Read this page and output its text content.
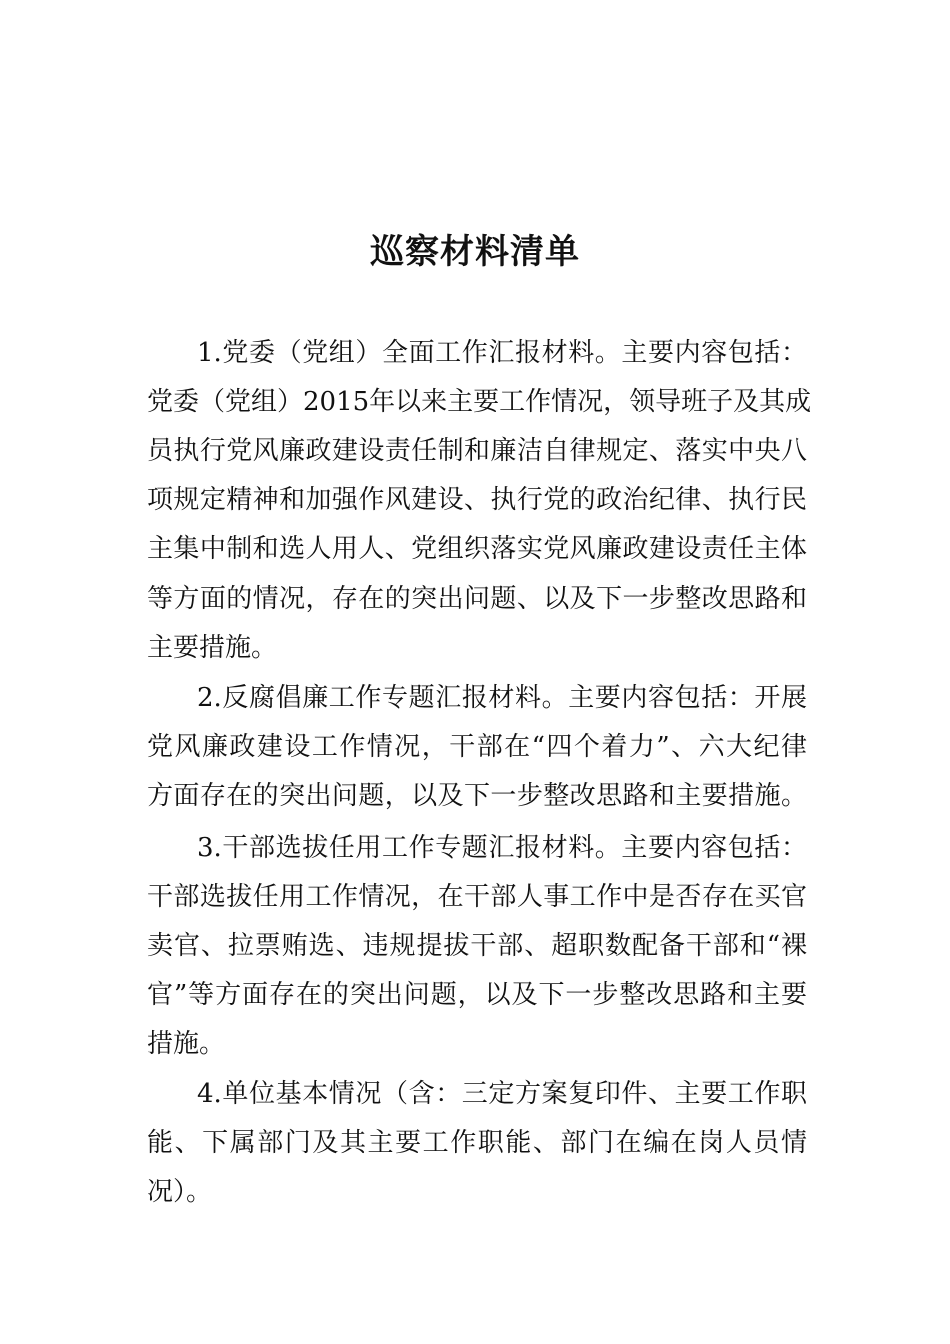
巡察材料清单
1.党委（党组）全面工作汇报材料。主要内容包括：
党委（党组）2015年以来主要工作情况，领导班子及其成
员执行党风廉政建设责任制和廉洁自律规定、落实中央八
项规定精神和加强作风建设、执行党的政治纪律、执行民
主集中制和选人用人、党组织落实党风廉政建设责任主体
等方面的情况，存在的突出问题、以及下一步整改思路和
主要措施。
2.反腐倡廉工作专题汇报材料。主要内容包括：开展
党风廉政建设工作情况，干部在“四个着力”、六大纪律
方面存在的突出问题，以及下一步整改思路和主要措施。
3.干部选拔任用工作专题汇报材料。主要内容包括：
干部选拔任用工作情况，在干部人事工作中是否存在买官
卖官、拉票贿选、违规提拔干部、超职数配备干部和“裸
官”等方面存在的突出问题，以及下一步整改思路和主要
措施。
4.单位基本情况（含：三定方案复印件、主要工作职
能、下属部门及其主要工作职能、部门在编在岗人员情
况）。
